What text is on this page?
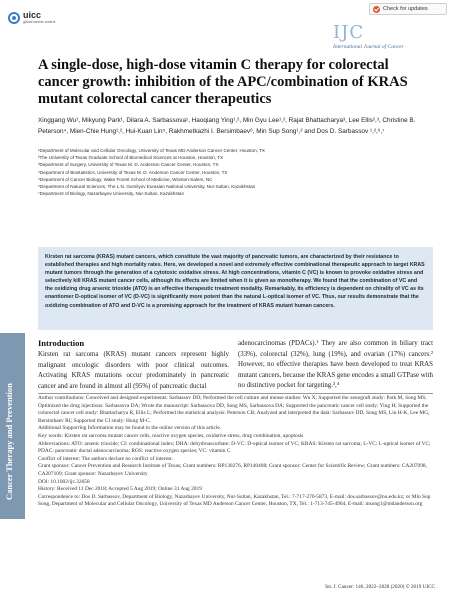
uicc
global cancer control
Check for updates
IJC
International Journal of Cancer
A single-dose, high-dose vitamin C therapy for colorectal cancer growth: inhibition of the APC/combination of KRAS mutant colorectal cancer therapeutics
Xinggang Wu¹, Mikyung Park¹, Dilara A. Sarbassova¹, Haoqiang Ying¹,², Min Gyu Lee¹,², Rajat Bhattacharya³, Lee Ellis²,³, Christine B. Peterson⁴, Mien-Chie Hung¹,², Hui-Kuan Lin⁵, Rakhmetkazhi I. Bersimbaev⁶, Min Sup Song¹,² and Dos D. Sarbassov ¹,²,⁶,⁷
¹Department of Molecular and Cellular Oncology, University of Texas MD Anderson Cancer Center, Houston, TX
²The University of Texas Graduate School of Biomedical Sciences at Houston, Houston, TX
³Department of Surgery, University of Texas M. D. Anderson Cancer Center, Houston, TX
⁴Department of Biostatistics, University of Texas M. D. Anderson Cancer Center, Houston, TX
⁵Department of Cancer Biology, Wake Forest School of Medicine, Winston-Salem, NC
⁶Department of Natural Sciences, The L.N. Gumilyov Eurasian National University, Nur-Sultan, Kazakhstan
⁷Department of Biology, Nazarbayev University, Nur-Sultan, Kazakhstan

Kirsten rat sarcoma (KRAS) mutant cancers, which constitute the vast majority of pancreatic tumors, are characterized by their resistance to established therapies and high mortality rates. Here, we developed a novel and extremely effective combinational therapeutic approach to target KRAS mutant tumors through the generation of a cytotoxic oxidative stress. At high concentrations, vitamin C (VC) is known to provoke oxidative stress and selectively kill KRAS mutant cancer cells, although its effects are limited when it is given as monotherapy. We found that the combination of VC and the oxidizing drug arsenic trioxide (ATO) is an effective therapeutic treatment modality. Remarkably, its efficiency is dependent on chirality of VC as its enantiomer D-optical isomer of VC (D-VC) is significantly more potent than the natural L-optical isomer of VC. Thus, our results demonstrate that the oxidizing combination of ATO and D-VC is a promising approach for the treatment of KRAS mutant human cancers.

Cancer Therapy and Prevention
Introduction

Kirsten rat sarcoma (KRAS) mutant cancers represent highly malignant oncologic disorders with poor clinical outcomes. Activating KRAS mutations occur predominately in pancreatic cancer and are found in almost all (95%) of pancreatic ductal

adenocarcinomas (PDACs).¹ They are also common in biliary tract (33%), colorectal (32%), lung (19%), and ovarian (17%) cancers.² However, no effective therapies have been developed to treat KRAS mutant cancers, because the KRAS gene encodes a small GTPase with no distinctive pocket for targeting.³,⁴

Author contributions: Conceived and designed experiments: Sarbassov DD; Performed the cell culture and mouse studies: Wu X; Supported the xenograft study: Park M, Song MS; Optimized the drug injections: Sarbassova DA; Wrote the manuscript: Sarbassova DD, Song MS, Sarbassova DA; Supported the pancreatic cancer cell study: Ying H; Supported the colorectal cancer cell study: Bhattacharya R, Ellis L; Performed the statistical analysis: Peterson CB; Analyzed and interpreted the data: Sarbassov DD, Song MS, Lin H-K, Lee MG, Bersimbaev RI; Supported the CI study: Hung M-C.

Additional Supporting Information may be found in the online version of this article.

Key words: Kirsten rat sarcoma mutant cancer cells, reactive oxygen species, oxidative stress, drug combination, apoptosis

Abbreviations: ATO: arsenic trioxide; CI: combinational index; DHA: dehydroascorbate; D-VC: D-optical isomer of VC; KRAS: Kirsten rat sarcoma; L-VC: L-optical isomer of VC; PDAC: pancreatic ductal adenocarcinoma; ROS: reactive oxygen species; VC: vitamin C

Conflict of interest: The authors declare no conflict of interest.

Grant sponsor: Cancer Prevention and Research Institute of Texas; Grant numbers: RP130276, RP140408; Grant sponsor: Center for Scientific Review; Grant numbers: CA207098, CA207109; Grant sponsor: Nazarbayev University

DOI: 10.1002/ijc.32658

History: Received 11 Dec 2018; Accepted 5 Aug 2019; Online 31 Aug 2019

Correspondence to: Dos D. Sarbassov, Department of Biology, Nazarbayev University, Nur-Sultan, Kazakhstan, Tel.: 7-717-270-5873, E-mail: dos.sarbassov@nu.edu.kz; or Min Sup Song, Department of Molecular and Cellular Oncology, University of Texas MD Anderson Cancer Center, Houston, TX, Tel.: 1-713-745-4904, E-mail: msong1@mdanderson.org

Int. J. Cancer: 146, 2822–2828 (2020) © 2019 UICC
